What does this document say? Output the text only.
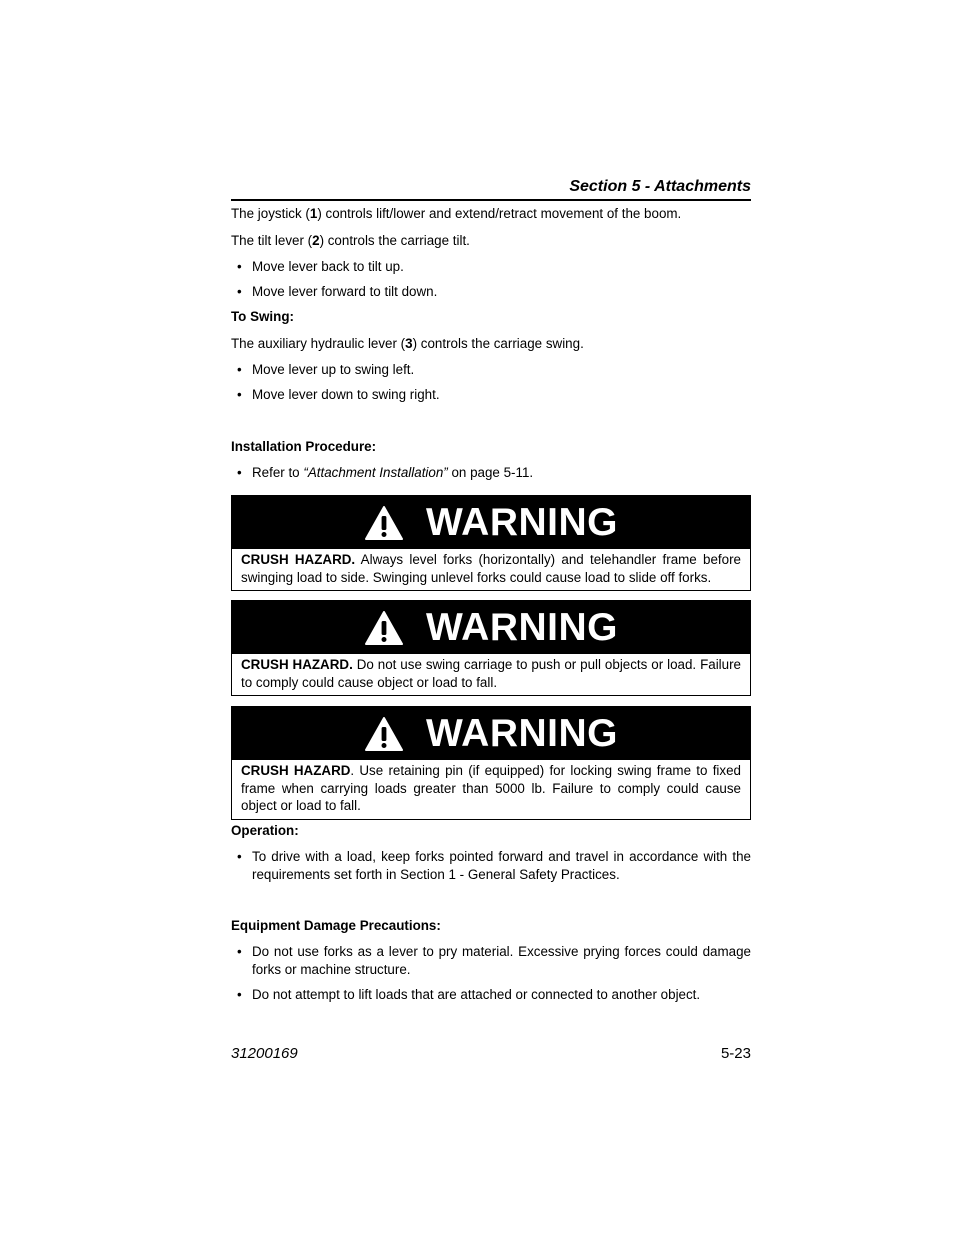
Section 5 - Attachments
The joystick (1) controls lift/lower and extend/retract movement of the boom.
The tilt lever (2) controls the carriage tilt.
• Move lever back to tilt up.
• Move lever forward to tilt down.
To Swing:
The auxiliary hydraulic lever (3) controls the carriage swing.
• Move lever up to swing left.
• Move lever down to swing right.
Installation Procedure:
• Refer to “Attachment Installation” on page 5-11.
WARNING
CRUSH HAZARD. Always level forks (horizontally) and telehandler frame before swinging load to side. Swinging unlevel forks could cause load to slide off forks.
WARNING
CRUSH HAZARD. Do not use swing carriage to push or pull objects or load. Failure to comply could cause object or load to fall.
WARNING
CRUSH HAZARD. Use retaining pin (if equipped) for locking swing frame to fixed frame when carrying loads greater than 5000 lb. Failure to comply could cause object or load to fall.
Operation:
• To drive with a load, keep forks pointed forward and travel in accordance with the requirements set forth in Section 1 - General Safety Practices.
Equipment Damage Precautions:
• Do not use forks as a lever to pry material. Excessive prying forces could damage forks or machine structure.
• Do not attempt to lift loads that are attached or connected to another object.
31200169	5-23
